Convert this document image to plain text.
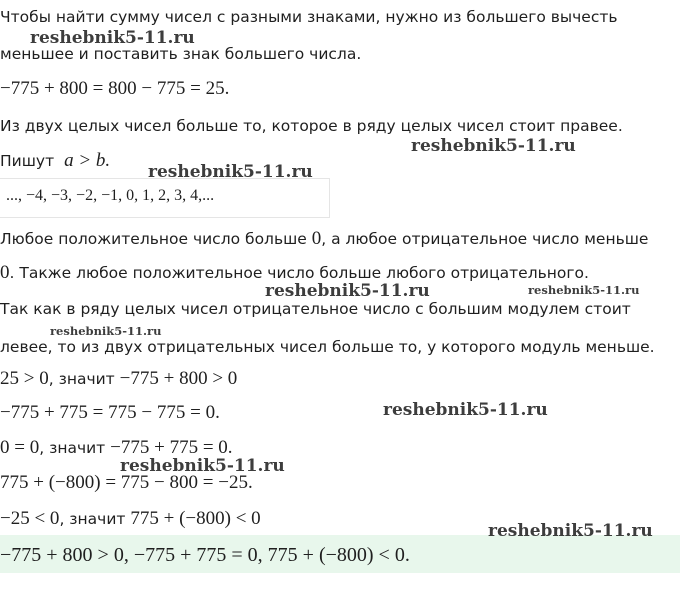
Чтобы найти сумму чисел с разными знаками, нужно из большего вычесть
меньшее и поставить знак большего числа.
−775 + 800 = 800 − 775 = 25.
Из двух целых чисел больше то, которое в ряду целых чисел стоит правее.
Пишут a > b.
..., −4, −3, −2, −1, 0, 1, 2, 3, 4,...
Любое положительное число больше 0, а любое отрицательное число меньше
0. Также любое положительное число больше любого отрицательного.
Так как в ряду целых чисел отрицательное число с большим модулем стоит
левее, то из двух отрицательных чисел больше то, у которого модуль меньше.
25 > 0, значит −775 + 800 > 0
−775 + 775 = 775 − 775 = 0.
0 = 0, значит −775 + 775 = 0.
775 + (−800) = 775 − 800 = −25.
−25 < 0, значит 775 + (−800) < 0
−775 + 800 > 0, −775 + 775 = 0, 775 + (−800) < 0.
reshebnik5-11.ru
reshebnik5-11.ru
reshebnik5-11.ru
reshebnik5-11.ru	reshebnik5-11.ru
reshebnik5-11.ru
reshebnik5-11.ru
reshebnik5-11.ru
reshebnik5-11.ru
